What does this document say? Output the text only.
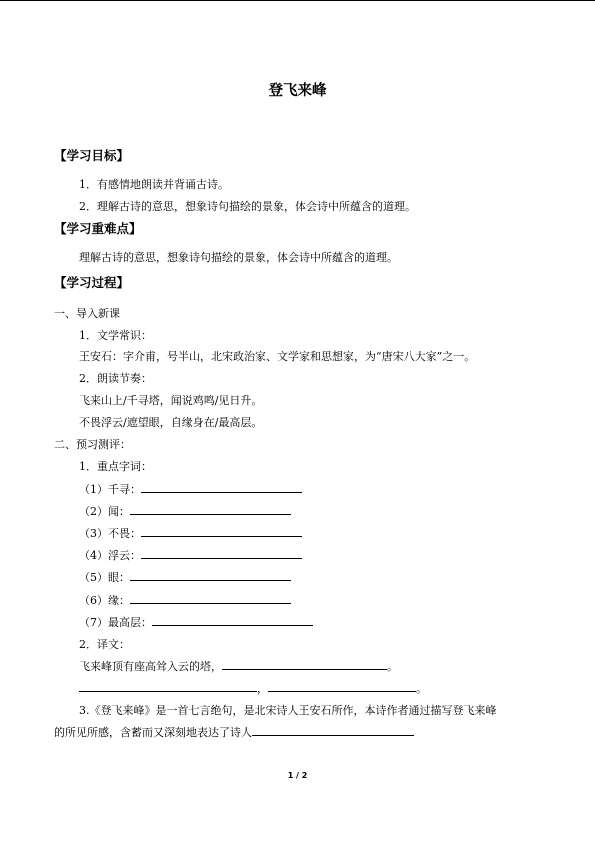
登飞来峰
【学习目标】
1．有感情地朗读并背诵古诗。
2．理解古诗的意思，想象诗句描绘的景象，体会诗中所蕴含的道理。
【学习重难点】
理解古诗的意思，想象诗句描绘的景象，体会诗中所蕴含的道理。
【学习过程】
一、导入新课
1．文学常识：
王安石：字介甫，号半山，北宋政治家、文学家和思想家，为“唐宋八大家”之一。
2．朗读节奏：
飞来山上/千寻塔，闻说鸡鸣/见日升。
不畏浮云/遮望眼，自缘身在/最高层。
二、预习测评：
1．重点字词：
（1）千寻：
（2）闻：
（3）不畏：
（4）浮云：
（5）眼：
（6）缘：
（7）最高层：
2．译文：
飞来峰顶有座高耸入云的塔，	。
，	。
3.《登飞来峰》是一首七言绝句，是北宋诗人王安石所作，本诗作者通过描写登飞来峰
的所见所感，含蓄而又深刻地表达了诗人
1 / 2
